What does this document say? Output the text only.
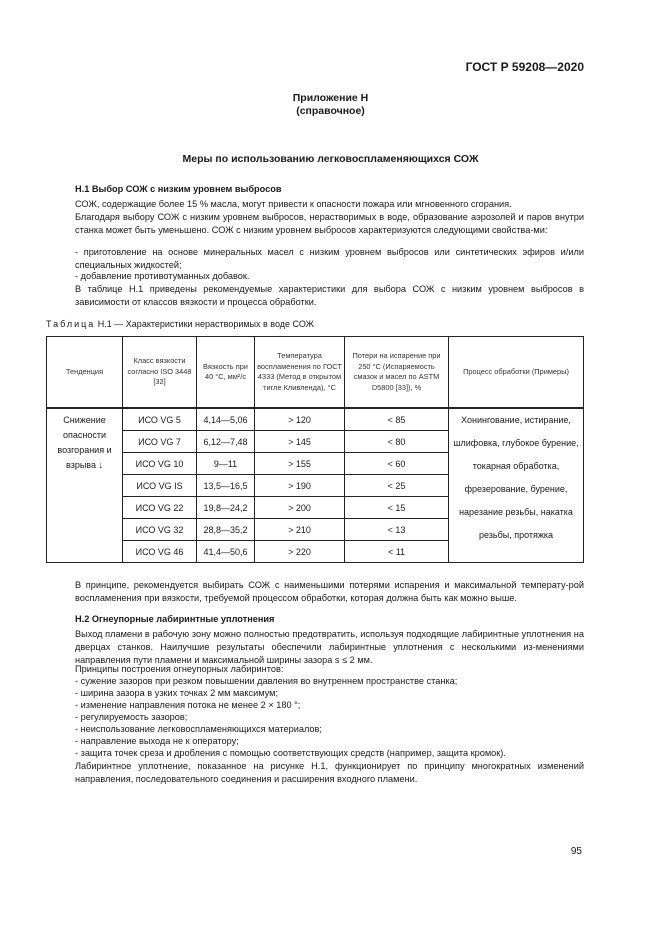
ГОСТ Р 59208—2020
Приложение Н
(справочное)
Меры по использованию легковоспламеняющихся СОЖ
Н.1 Выбор СОЖ с низким уровнем выбросов
СОЖ, содержащие более 15 % масла, могут привести к опасности пожара или мгновенного сгорания.
Благодаря выбору СОЖ с низким уровнем выбросов, нерастворимых в воде, образование аэрозолей и паров внутри станка может быть уменьшено. СОЖ с низким уровнем выбросов характеризуются следующими свойства-ми:
- приготовление на основе минеральных масел с низким уровнем выбросов или синтетических эфиров и/или специальных жидкостей;
- добавление противотуманных добавок.
В таблице Н.1 приведены рекомендуемые характеристики для выбора СОЖ с низким уровнем выбросов в зависимости от классов вязкости и процесса обработки.
Таблица Н.1 — Характеристики нерастворимых в воде СОЖ
Тенденция	Класс вязкости согласно ISO 3448 [32]	Вязкость при 40 °С, мм²/с	Температура воспламенения по ГОСТ 4333 (Метод в открытом тигле Кливленда), °С	Потери на испарение при 250 °С (Испаряемость смазок и масел по ASTM D5800 [33]), %	Процесс обработки (Примеры)
Снижение опасности возгорания и взрыва ↓	ИСО VG 5	4,14—5,06	> 120	< 85	Хонингование, истирание, шлифовка, глубокое бурение, токарная обработка, фрезерование, бурение, нарезание резьбы, накатка резьбы, протяжка
	ИСО VG 7	6,12—7,48	> 145	< 80	
	ИСО VG 10	9—11	> 155	< 60	
	ИСО VG IS	13,5—16,5	> 190	< 25	
	ИСО VG 22	19,8—24,2	> 200	< 15	
	ИСО VG 32	28,8—35,2	> 210	< 13	
	ИСО VG 46	41,4—50,6	> 220	< 11	
В принципе, рекомендуется выбирать СОЖ с наименьшими потерями испарения и максимальной температу-рой воспламенения при вязкости, требуемой процессом обработки, которая должна быть как можно выше.
Н.2 Огнеупорные лабиринтные уплотнения
Выход пламени в рабочую зону можно полностью предотвратить, используя подходящие лабиринтные уплотнения на дверцах станков. Наилучшие результаты обеспечили лабиринтные уплотнения с несколькими из-менениями направления пути пламени и максимальной ширины зазора s ≤ 2 мм.
Принципы построения огнеупорных лабиринтов:
- сужение зазоров при резком повышении давления во внутреннем пространстве станка;
- ширина зазора в узких точках 2 мм максимум;
- изменение направления потока не менее 2 × 180 °;
- регулируемость зазоров;
- неиспользование легковоспламеняющихся материалов;
- направление выхода не к оператору;
- защита точек среза и дробления с помощью соответствующих средств (например, защита кромок).
Лабиринтное уплотнение, показанное на рисунке Н.1, функционирует по принципу многократных изменений направления, последовательного соединения и расширения входного пламени.
95
